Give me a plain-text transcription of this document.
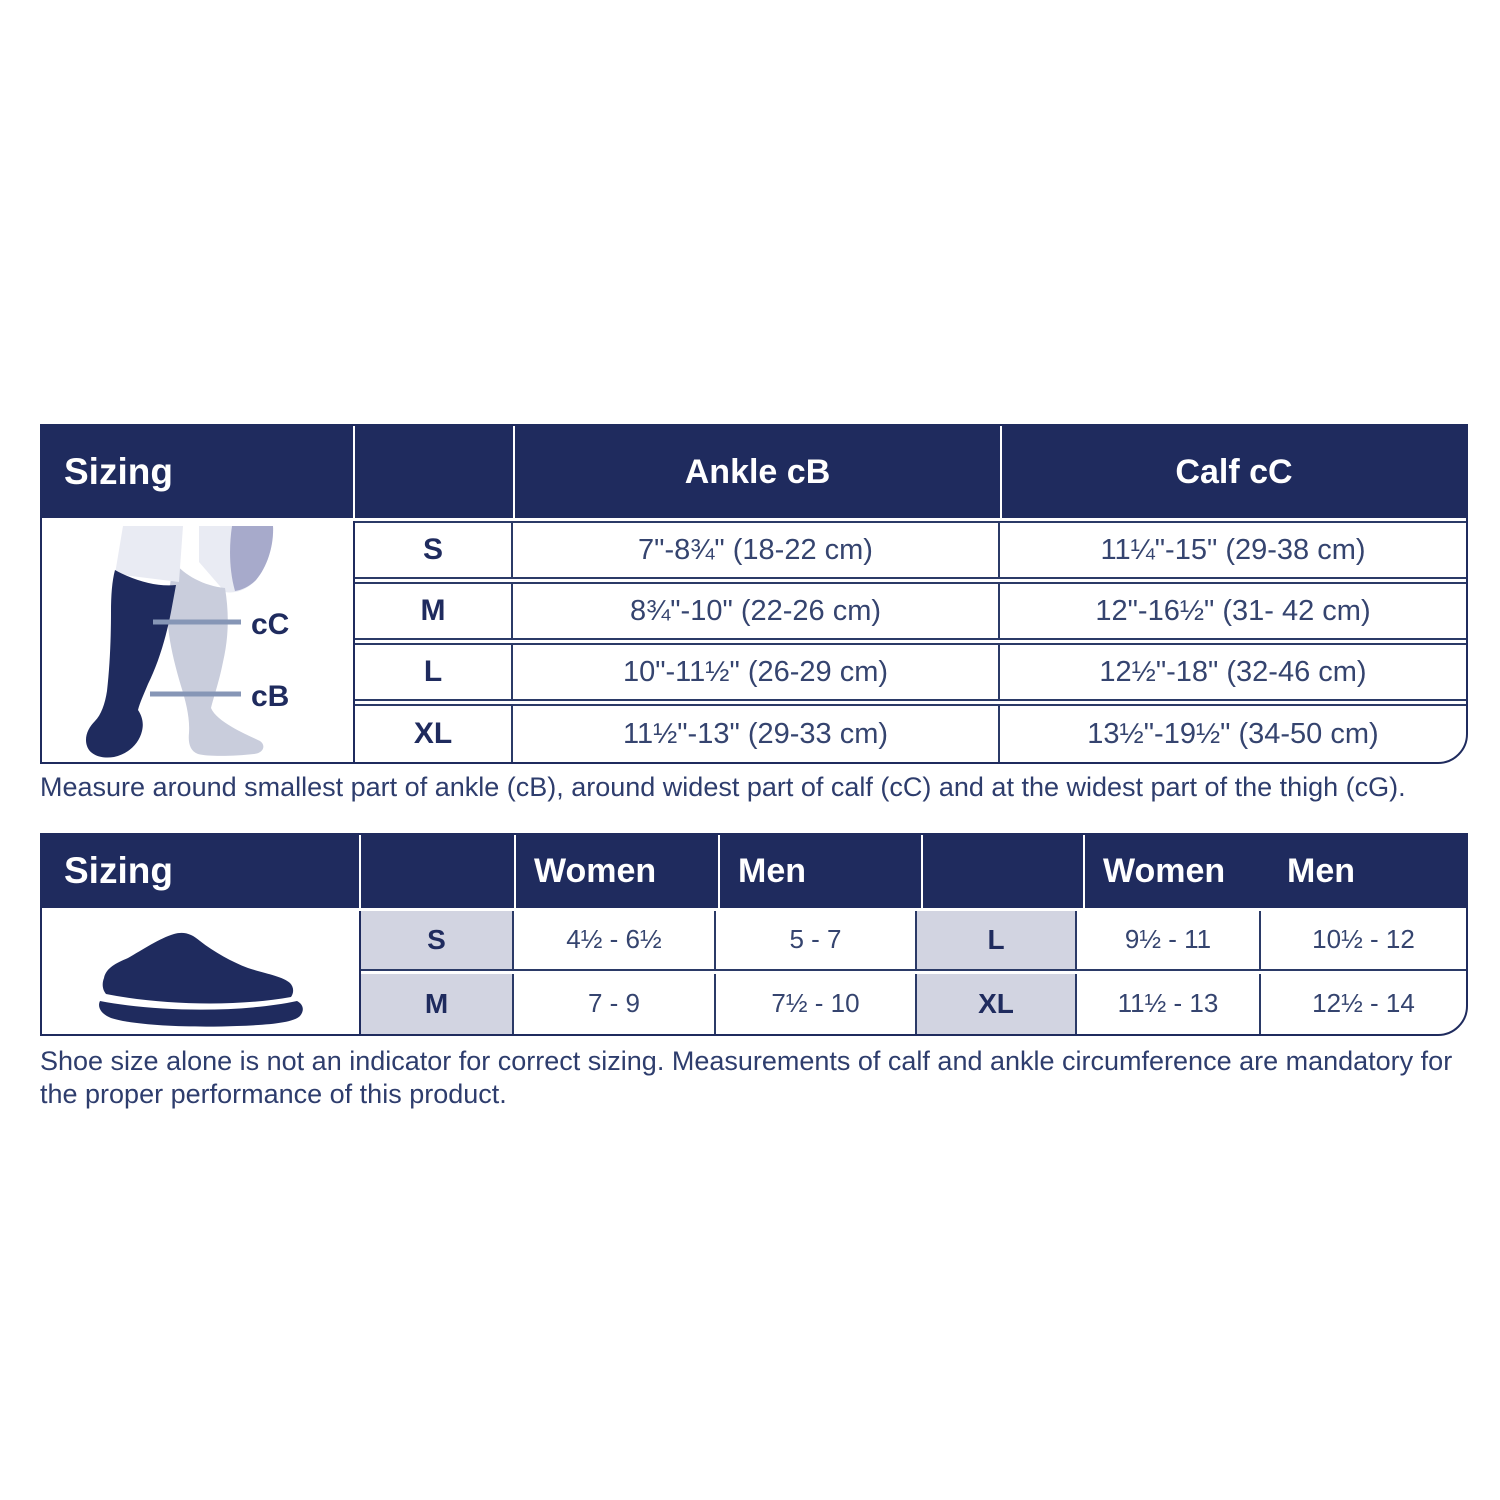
Sizing	Ankle cB	Calf cC
cC
cB
S	7"-8¾" (18-22 cm)	11¼"-15" (29-38 cm)
M	8¾"-10" (22-26 cm)	12"-16½" (31- 42 cm)
L	10"-11½" (26-29 cm)	12½"-18" (32-46 cm)
XL	11½"-13" (29-33 cm)	13½"-19½" (34-50 cm)
Measure around smallest part of ankle (cB), around widest part of calf (cC) and at the widest part of the thigh (cG).
Sizing	Women	Men	Women	Men
S	4½ - 6½	5 - 7	L	9½ - 11	10½ - 12
M	7 - 9	7½ - 10	XL	11½ - 13	12½ - 14
Shoe size alone is not an indicator for correct sizing. Measurements of calf and ankle circumference are mandatory for the proper performance of this product.
